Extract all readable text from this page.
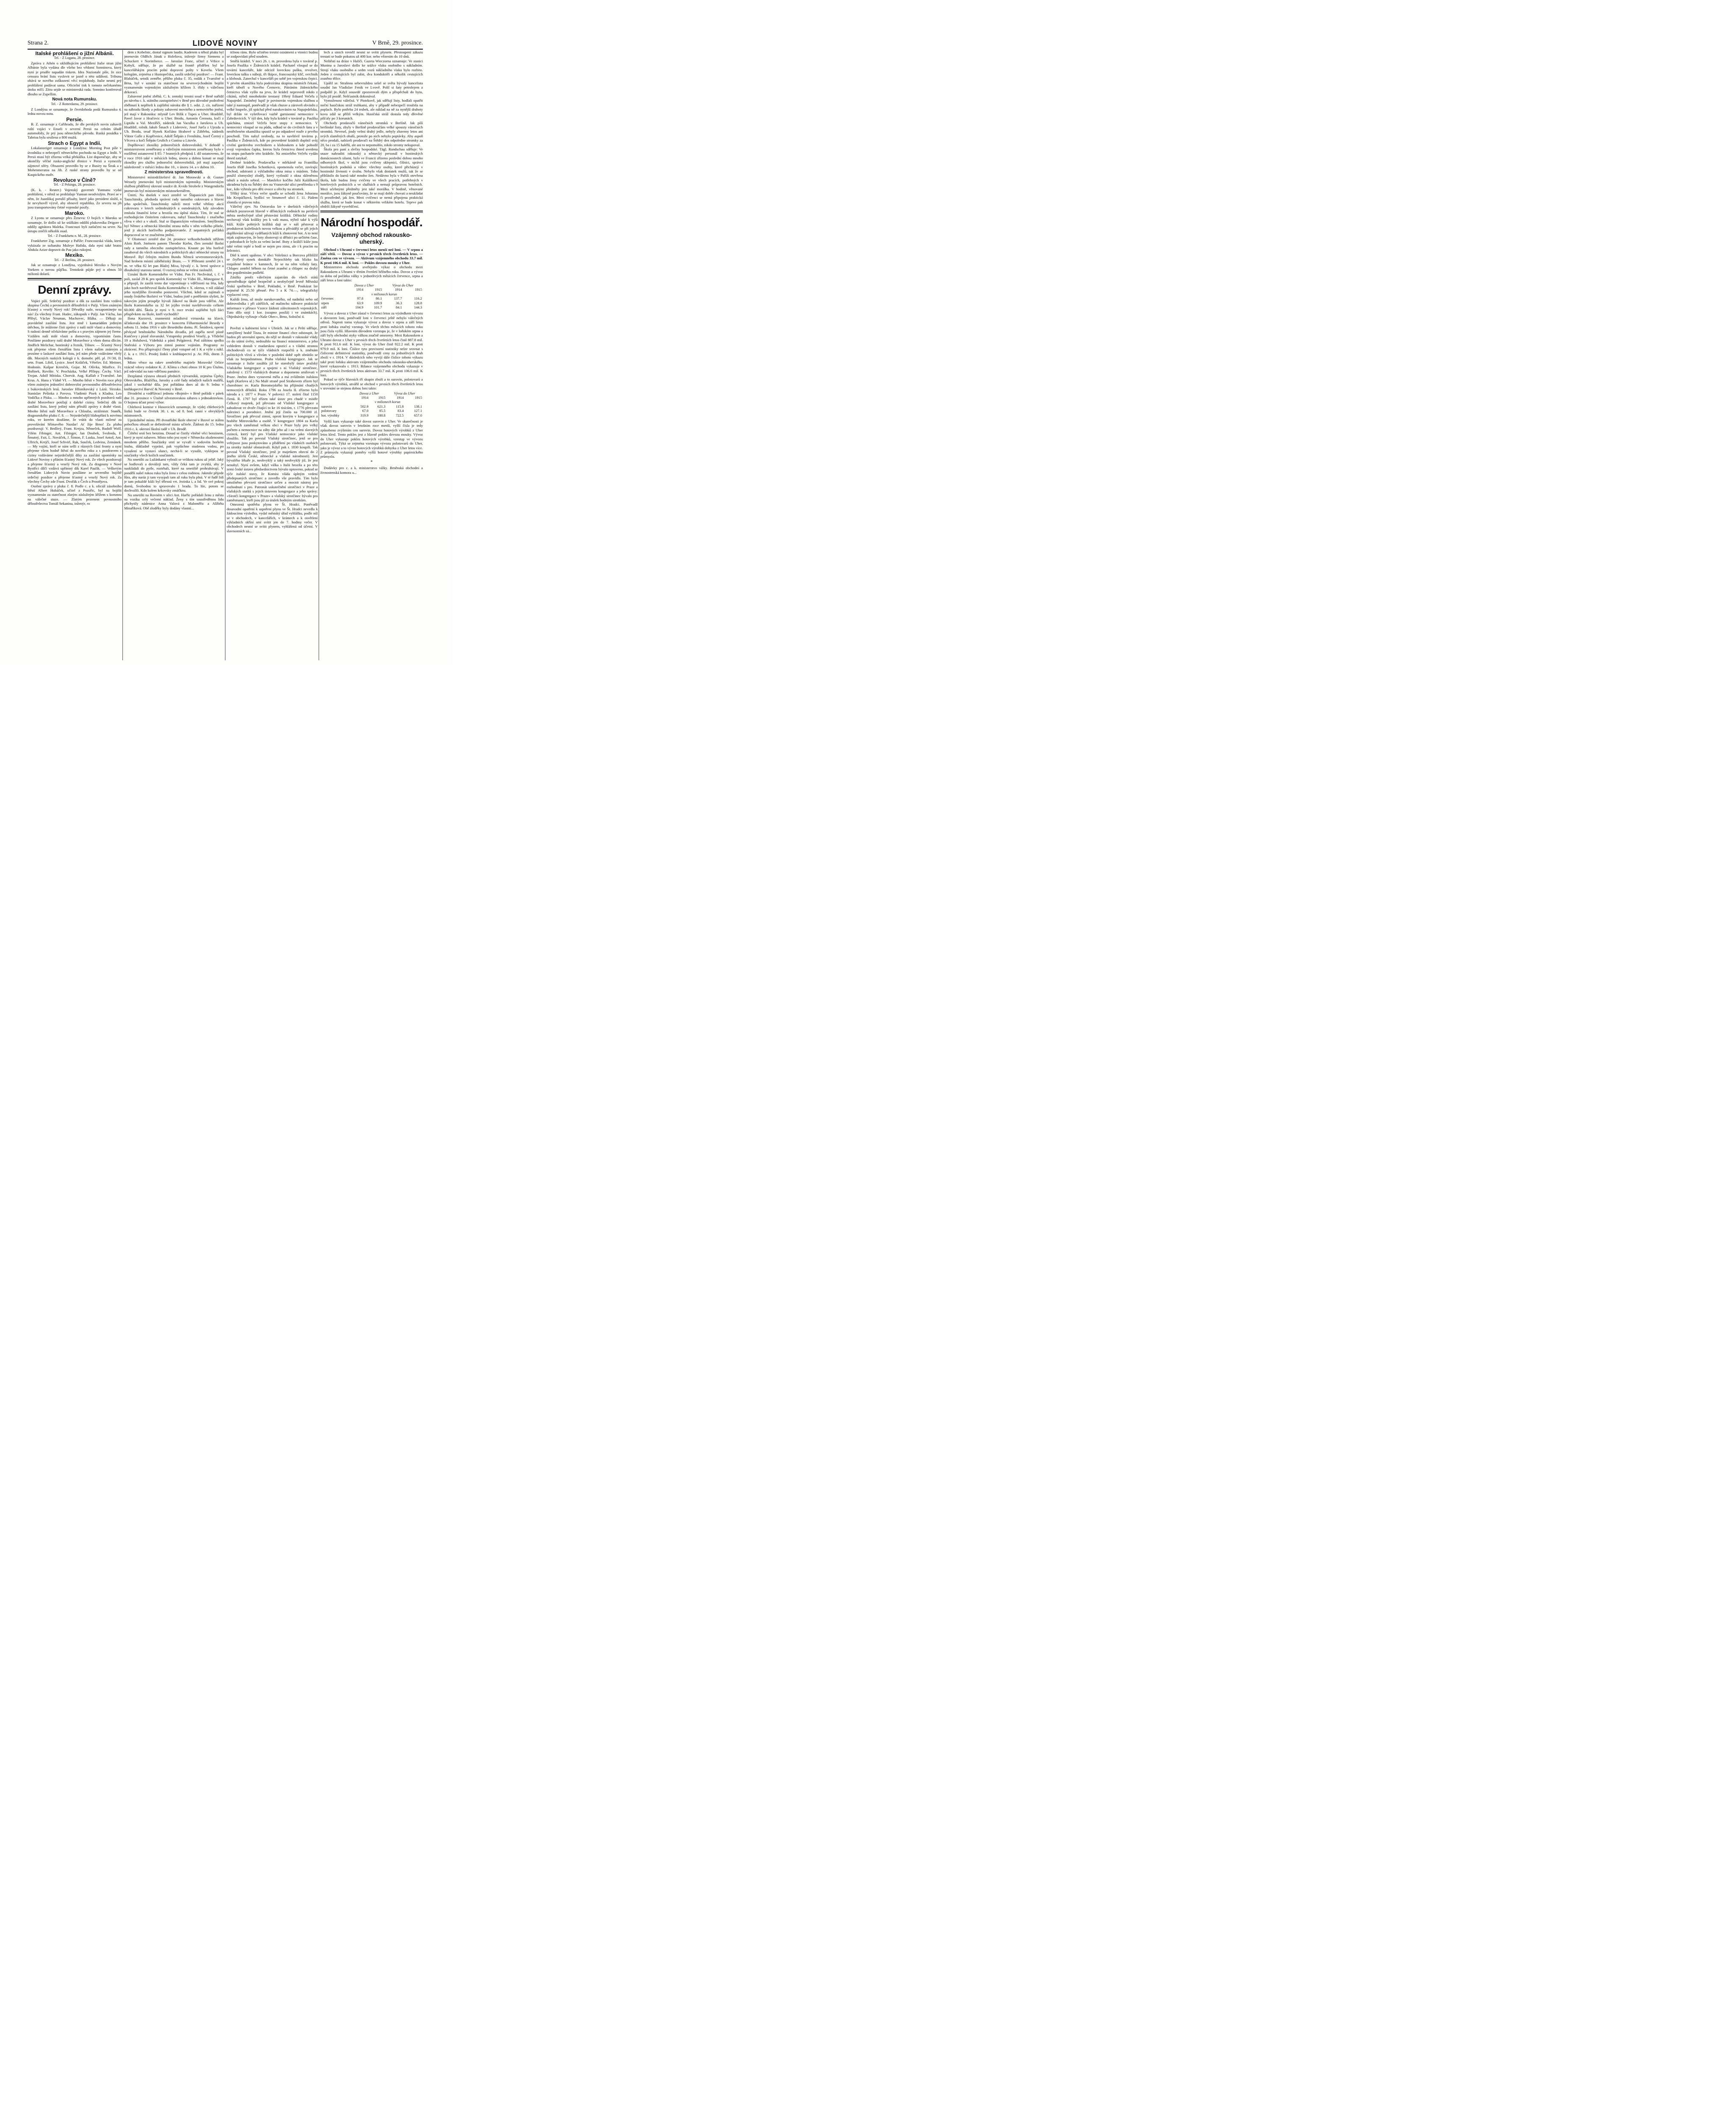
Strana 2.	LIDOVÉ NOVINY	V Brně, 29. prosince.
Italské prohlášení o jižní Albánii.
Tel. - Z Lugana, 28. prosince.

Zpráva z Athén o uklidňujícím prohlášení Italie stran jižní Albánie byla vydána dle všeho bez vědomí Sonnínova, který nyní je pruděe napadán tiskem. Idea Nazionale píše, že sice censura brání listu vyslovit se jasně o této události. Tribuna obává se nového zoškození věcí trojdohody. Italie nesmí prý prohlášení podávat sama. Oficielní tisk k tomuto nečekanému útoku mlčí. Zítra sejde se ministerská rada. Sonnino konferoval dlouho se Zupellim.

Nová nota Rumunsku.
Tel. - Z Rotterdamu, 29. prosince.

Z Londýna se oznamuje, že čtvrtdohoda podá Rumunsku 4. ledna novou notu.

Persie.

B. Z. oznamuje z Cařihradu, že dle perských novin zabavili ruští vojáci v Enseli v severní Persii na celním úřadě automobily, že prý jsou německého původu. Ruská posádka v Tabrisu byla sesílena o 800 mužů.

Strach o Egypt a Indii.

Lokalanzeiger oznamuje z Londýna: Morning Post píše v úvodníku o nebezpečí německého pochodu na Egypt a Indii. V Persii musí být zřízena velká překážka. List doporučuje, aby se ukončily věčné rusko-anglické třenice v Persii a vymezily zájmové sféry. Obsazení provedlo by se z Busiry na Širak a z Mohenmeratsu na Jih. Z ruské strany provedlo by se od Kaspického moře.

Revoluce v Číně?
Tel. - Z Pekingu, 28. prosince.

(K. k. - Reuter.) Vojenský guvernér Yunnanu vydal prohlášení, v němž se prohlašuje Yunnan neodvislým. Praví se v něm, že Juanšikaj porušil přísahy, které jako president složil, a že nevyhověl výzvě, aby obnovil republiku. Ze severu na jih jsou transportovány četné vojenské posily.

Maroko.

Z Lyonu se oznamuje přes Ženevu: O bojích v Maroku se oznamuje, že došlo už ke srážkám oddílů plukovníka Drigore s oddíly agitátora Maleka. Francouzi byli zatlačeni na sever. Na ústupu zničili několik osad.

Tel. - Z Frankfurtu n. M., 28. prosince.

Frankfurter Ztg. oznamuje z Paříže: Francouzská vláda, která vykázala ze sultanátu Muleye Hafida, dala nyní také bratra Abdula Azize dopravit do Pau jako rukojmí.

Mexiko.
Tel. - Z Berlína, 28. prosince.

Jak se oznamuje z Londýna, vyjednává Mexiko s Novým Yorkem o novou půjčku. Tentokrát půjde prý o obnos 50 milionů dolarů.

Denní zprávy.

Vojáci píší. Srdečný pozdrav a dík za zasílání listu vzdává skupina Čechů a pevnostních dělostřelců v Pulji. Všem známým šťastný a veselý Nový rok! Děvušky naše, nezapomínejte na nás! Za všechny Frant. Hudec, zákopník v Pulji. Jan Vácha, Jan Příbyl, Václav Neuman, Machovec, Bláha. — Děkuji za pravidelné zasílání listu. Jest mně i kamarádům jediným útěchou, že můžeme čísti zprávy z naší milé vlasti a domoviny. S radostí denně očekáváme poštu a s pravým zájmem jej čteme. Vzdálen naší milé vlasti a domoviny, vzpomínám často. Posíláme pozdravy naší drahé Moravěnce a všem doma dlícím. Jindřich Melichar, hostinský a řezník, Tišnov. — Šťastný Nový rok přejeme všem čtenářům listu i všem našim známým a prosíme o laskavé zasílání listu, jež nám přede vzdáváme vřelý dík. Mocných ruských kolegů z k. domobr. pěš. pl. IV/30, II. setn. Frant. Libiš, Lysice. Josef Koláček, Větefov. Ed. Meitner, Hodonín. Kašpar Krenček, Gojar. M. Ošívka, Mistřice. Fr. Hořínek, Rovište. V. Procházka, Velké Přílepy. Čechy. Václ. Trojan. Adolf Mitiska. Chorvát. Aug. Kašlab z Tvarožné. Jan Krus. A. Hana z Vídně VI. — Mnoho štěstí v Novém roce přeji všem známým jednotliví dobrovolní pevnostního dělostřelectva z bukovinských lesů. Jaroslav Hlisníkovský z Lázů. Slezsko. Stanislav Pešinka z Pavova. Vladimír Pisek z Kladna. Leo Vodička z Písku. — Mnoho a mnoho upřímných pozdravů naší drahé Moravěnce posílají z daleké ciziny. Srdečný dík za zasílání listu, který jediný nám přináší zprávy z drahé vlasti. Mnoho štěstí naší Moravěnce a Chlouba, strážmistr. Staněk, dragounského pluku č. 8. — Nejsrdečnější blahopřání k novému roku, ve kterém doufáme, že vrátit do vlasti milené za provolávání hřímavého Nazdar! Ať žije Brno! Za pluhu pozdravují: V. Bedlivý, Frant. Krejza, Němeček, Rudolf Wolf, Vilém Fibinger, Ant. Fibinger, Jan Doubek, Svoboda, F. Šmutný, Fait, L. Nováček, J. Šimon, F. Luska, Josef Antoš, Ant. Ullrich, Krejčí, Josef Schvirl, Rak, Souček, Ledvina, Zemánek. — My vojíní, kteří se nám sešli z různých částí fronty a nyní přejeme všem hodně štěstí do nového roku a s pozdravem z ciziny vzdáváme nejsrdečnější díky za zasílání upomínky na Lidové Noviny s přáním šťastný Nový rok. Ze všech pozdravují a přejeme šťastný a veselý Nový rok. Za dragouny v Nové Bystřici dílčí vzdává upřímný dík Karel Paulík. — Veškerým čtenářům Lidových Novin posíláme ze severního bojiště srdečný pozdrav a přejeme šťastný a veselý Nový rok. Za všechny Čechy zde Frant. Dvořák z Čech u Prostějova.

Osobní zprávy z pluku č. 8. Podle c. a k. oficiál zásobního štěstí Albert Hubáček, učitel z Pozořic, byl na bojišti vyznamenán za statečnost zlatým záslužným křížem s korunou na válečné stuze. — Zlatým prstenem pevnostního dělostřelectva Tomáš Sekanina, inženýr, ro

dem z Kobelnic, dostal signum laudis. Kadetem u téhož pluku byl jmenován Oldřich Jának z Holešova, inženýr firmy Siemens a Schuckert v Norimberce. — Jaroslav Franc, učitel z Vrhice u Kobylí, sděluje, že po službě na frontě přidělen byl ke kancelářským pracím polní dopravní pošty v Kovelu. Všem kolegům, zejména z Hustopečska, zasílá srdečný pozdrav! — Frant. Blaháček, setník zeměbr. pěšího pluku č. 35, rodák z Tvarožné u Brna, byl v uznání za statečnost na severovýchodním bojišti vyznamenán vojenským záslužným křížem 3. třídy s válečnou dekorací.

Zabavené jmění zběhů. C. k. zemský trestní soud v Brně nařídil po návrhu c. k. státního zastupitelství v Brně pro důvodné podezření zběhnutí k nepřiteli k zajištění nároku dle § 1. odst. 2. cís. nařízení na náhradu škody a pokuty zabavení movitého a nemovitého jmění, jež mají v Rakousku: mlynář Lev Bilík z Tupes u Uher. Hradiště, Pavel Javor z Hračovic u Uher. Brodu, Antonín Čermota, kočí z Liptálu u Val. Meziříčí, nádeník Jan Vaculka z Jarošova u Uh. Hradiště, rolník Jakub Šmach z Liderovic, Josef Jurča z Ujezda u Uh. Brodu, tesař Hynek Kočiánz Hrabové u Zábřehu, nádeník Viktor Galle z Kopřivnice, Adolf Štěpán z Frenštátu, Josef Čermý z Věcova a kočí Štěpán Grulich z Cunína u Litovle.

Doplňovací zkoušky jednoročních dobrovolníků. V dohodě s ministerstvem zeměbrany a válečným ministrem zeměbrany bylo v rozšíření ustanovení § 85: 7 branných předpisů I. díl ustanoveno, že v roce 1916 také v měsících lednu, únoru a dubnu konati se mají zkoušky pro službu jednoroční dobrovolníků, jež mají započati následovně: v měsíci lednu dne 10., v únoru 14. a v dubnu 10.

Z ministerstva spravedlnosti.

Ministerství místodržitelství dr. Jan Morawski a dr. Gustav Wessely jmenováni byli ministerským tajemníky. Ministerským službou přidělený okresní soudce dr. Kvido Strobele z Wangendorfu jmenován byl ministerským místosekretářem.

Úmrtí. Na dnešek v noci zemřel ve Šlapanicích pan Alois Tauschinsky, předseda správní rady tamního cukrovaru a hlavní jeho společník. Tauschinsky náleží mezi velké většiny akcií cukrovaru v letech sedmdesátých a osmdesátých, kdy závodem zmítala finanční krise a hrozila mu úplná zkáza. Tím, že stal se rozhodujícím činitelem cukrovaru, nabyl Tauschinsky i značného vlivu v obci a v okolí. Stal se šlapanickým velmožem. Smýšlením byl Němec a německá liberální strana měla v něm velkého přítele, jenž ji akcích horlivého podporovatele. Z nepatrných počátků dopracoval se ve značnému jmění.

V Olomouci zemřel dne 24. prosince velkoobchodník střížem Alois Roth. Jménem panem Theodor Kiehn, člen zemské školní rady a tamního obecního zastupitelstva. Knaute po léta horlivě zasahoval do všech národních a politických akcí německé strany na Moravě. Byl čelným mužem Bundu Němců severomoravských. Nad hrobem místní záběhézský Brass. — V Příbrami zemřel 24 t. m. ve věku 82 let pan Blažej Mixa, bývalý c. k. berní správce a dlouholetý starosta tamní. O rozvoj města se velmi zasloužil.

Uznání škole Komenského ve Vídni. Pan Fr. Nechvátal, t. č. v poli, zaslal 29 K pro spolek Komenský ve Vídni III., Münzgasse 8, a připojil, že zasílá tento dar vzpomínaje s vděčností na léta, kdy jako hoch navštěvoval školu Komenského v X. okresu, v níž základ jeho nynějšího životního postavení. Všichni, kdož se zajímali o osudy českého školství ve Vídni, budou jistě s potěšením slyšeti, že takovým jejím prospěje bývalí žákové na škole jsou vděčni. Ale školu Komenského za 32 let jejího trvání navštěvovalo celkem 60.000 dětí. Škola je nyní v 9. roce trvání zajištěni byli žáci příspěvkem na škole, kteří vychodili?

Ilona Kurzová, znamenitá mladistvá virtuoska na klavír, účinkovala dne 19. prosince v koncertu Filharmonické Besedy v sobotu 11. ledna 1916 v sále Besedního domu. Pí. Šmídová, operní pěvkyně brněnského Národního divadla, jež zapěla nové písně Kunčovy i písně slovanské. Vstupenky prodává Veselý, p. Vřídelní 19 a Holubová, Vídeňská a pánů Polgárová. Pod záštitou spolku Stařeská a Výboru pro zimní pomoc vojínům. Programy za zkrácení. Pro příspívající členy platí vstupné od 1 K a výše s nákl. č. k. a r. 1915. Prodej lístků v knihkupectví p. Ar. Píši, dnem 3. ledna.

Místo věnce na rakev zemřelého majitele Moravské Orlice vzácně vdovy redaktor K. Z. Klíma s chotí obnos 10 K pro Útulnu, jež odevzdal na tuto vděčnou památce.

Dezplatná výstava obrazů předních výtvarníků, zejména Úprky, Obrovského, Blažíčka, Jarosky a celé řady mladých našich malířů, jakož i sochařské díla, jest pořádána dnes až do 9. ledna v knihkupectví Barvič & Novotný v Brně.

Divadelní a vzdělávací jednota »Bojmír« v Brně pořádá v pátek dne 31. prosince v Útulně silvestrovskou zábavu s jednoaktovkou. O hojnou účast prosí výbor.

Chlebová komise v Husovicích oznamuje, že výdej chlebových lístků bude ve čtvrtek 30. t. m. od 8. hod. ranní v obvyklých místnostech.

Uprázdněné místo. Při dvoutřídní škole obecné v Bzové se stálou pobočkou obsadí se definitivně místo učitele. Žádosti do 15. ledna 1916 c. k. okresní školní radě v Uh. Brodě.

Čištění srstí bez benzinu. Dosud se čistily vlněné věci benzinem, který je nyní zabaven. Místo toho jest nyní v Německu zkušenostmi mnohem pěšího. Součástky srstí se vyvaří v sodovém horkém louhu, důkladně vyprání, pak vypláchne studenou vodou, po vysušení se vystaví slunci, nechá-li se vysušit, vyklepou se součástky všech kožich součástek.

Na smetišti za Lužánkami vybrali se velikou rukou až ještě. Jaký se hodlovali a dovážejí tam, vždy čeká tam je zvyklá, aby je naskládali do pytle, roztrhali, které na smetiště prohrabávají. V pondělí našel rukou ruku byla žena s celou rodinou. Jakmile přijede fůra, aby naráz ji tam vysypali tam až ruku byla plná. V té řadě lidí je tam pokaždé kůži byl tělesná vrt. Jezinka i, a lid. Ve své pokraj domů, Svobodou to spravovalo 1 bradu. To hle, potom se dochvalili. Kdo kolem krkovsky zmáčknu.

Na smetišti na Rovném v ulici Ant. Harřic pořádali ženu z města na vozíku celý večerní náklad. Ženy s tím soustředěnou lidu přichytily nádenice Anna Valová z Maloměřic a Alžběta Minaříková. Obě zloděky byly dodány vlastní...

tržnou ránu. Bylo učiněno trestní oznámení a vinníci budou se zodpovídati před soudem.

Smělá krádež. V noci 26. t. m. provedena byla v továrně p. Josefa Paulíka v Židenicích krádež. Pachatel vloupal se do tovární kanceláře, kde odcizil loveckou pušku, revolver, loveckou tašku s náboji, tři škipce, francouzský klíč, svrchník a klobouk. Zanechal v kanceláři po sobě jen vojenskou čepici. V prvém okamžiku byla podezírána skupina místních čekaní, kteří táboří u Nového Černovic. Pátráním židenického četnictva však vyšlo na jevo, že krádež neprovedl nikdo z cikánů, nýbrž mnohokráte trestaný 19letý Eduard Večeřa z Napajedel. Zmíněný lupič je povinován vojenskou službou a také jí nastoupil, poněvadž je však churav a zároveň obviněn z velké loupeže, jíž spáchal před narukováním na Napajedelsku, byl držán ve vyšetřovací vazbě garnisonní nemocnice v Zabrdovicích. V týž den, kdy byla krádež v továrně p. Paulíka spáchána, zmizel Večeřa beze stopy z nemocnice. V nemocnici vloupal se na půdu, odkud se do civilních šatu a v nestřeženém okamžiku spustil se po odpadové rouře z prvého poschodí. Tím nabyl svobody, na to navštívil továrnu p. Paulíka v Židenicích, kde po provedené krádeži doplnil svůj civilní garderobu svrchníkem a kloboukem a kde pohodil svoji vojenskou čapku, kterou byla četnictvu ihned uvedena na stopu pachatele této krádeže. Na zmizelého Večeřu vydán ihned zatykač.

Drobné krádeže. Prodavačka v mlékárně na Františka Josefa třídě Josefka Schottková, opomenula večer, zavírajíc obchod, odstranit z výkladního okna misu s máslem. Toho použil zlomyslný zloděj, který vytloukl z okna skleněnou tabuli a máslo sebral. — Manželce kočího Julii Kalášková ukradena byla na Štědrý den na Vranovské ulici peněženka s 9 kor., kdo výhrala pro děti ovoce a ořechy na stromek.

Těžký úraz. Včera večer spadla se schodů žena Joharana Ida Kropáčková, bydlící ve Strumově ulici č. 11. Pádem zlomila si pravou ruku.

Válečný zjev. Na Ostravsku lze v dnešních válečných dobách pozorovati hlavně v dělnických rodinách na periferii města neobyčejně silné pěstování králíků. Dělnické rodiny nechovají však králíky jen k vaši masu, nýbrž také k výši kůží. Kůže pobitých králíků dají se v náš pěstovat a produkovat kožešinách novou velkou a přivádějí se při jejich doplňování uživají vydělaných kůží k zhotovení bot. A to není nijak zajímavým, že boty zhotovuji si dělníci po určitém čase, v pohrabach že bylo za velmi laciné. Boty z králičí kůže jsou také velmi teplé a hodí se nejen pro zimu, ale i k pracím na železnici.

Dítě k smrti upáleno. V obci Volešnici u Borcova přiblížil se čtyřletý synek domkáře Nejezchleby tak blízko ku rozpálené bránce v kamnech, že se na něm vzňaly šaty. Chlapec zemřel během na četné zranění a chlapec na druhý den popáleninám podlehl.

Zásilky peněz válečným zajatcům do všech států sprostředkuje úplně bezpečně a neobyčejně levně Městská česká spořitelna v Brně, Pokladní, v Brně. Poukázat lze nejméně K 25.50 přesně. Pro 5 a K 74.—, telegrafický vyplacení ceny.

Každá žena, až muže narukovaného, od nadnikú nebo od dobrovolníka i při zátěžích, od malincho nábrave praktické informace v příruce Vzorce žádosti zálezitostech vojenských. Tuto dílo stojí 1 kor. (ozapno posílá) i ve známkách). Objednávky vyřizuje »Naše Obec«, Brno, Solniční 4.

*

Pověsti o kabinetní krisi v Uhrách. Jak se z Pešti sděluje, zamýšlený hrabě Tisza, že ministr financí chce odstoupit, že budou při urovnání sporu, do nějž se dostali v rakouské vlády co do státní úvěry, nedosáhlo na financí ministerstvo, a jeho vzhledem dostali v madarskou opozicí a s vládní stranou obchodovali co se týče vládních rozpočtů a k. změnám politických vlivů a vlivům v poslední době opět obrátilo se však za bezpodstatnou. Praha vlašská kongregace. Jak se oznamuje z Italie zasáhla již ke starobylý ústav pražský Vlašského kongregace a spojeni s ní Vlašský sirotčinec, založený r. 1573 vlašských drumar a dopomeno smílovati v Praze. Jméno dnes vystavená měla a má zvláštním italskou kapli (Karlova ul.) Na Malé straně pod Strahovem zřízen byl chorobinec sv. Karla Boromejského ku příjímání chudých nemocných dělníků. Roku 1796 za Josefa II. zřízeno bylo národu a r. 1877 v Praze. V polovici 17. století čítal 1150 členů. R. 1797 byl zřízen také ústav pro chudé v mistře Celkový majetek, jež převzato od Vlašské kongregace a zabudovat ve dvoře čítající to ke 16 tisícům, r. 1776 převzato nalezinci a porodnice. Jmění její činilo na 700.000 zl. Sirotčinec pak převzal zimní, oproti kterým v kongregace a hraběte Mitrovského a osobě. V kongregace 1804 za Karla pro všech zaměstnal velkou obcí v Praze byly pro velký počtem a nemocnice na záhy dát jeho až i na velmi slavných cizinců, který byl pro Vlašské nemocnice jako vlašské sloužilo. Tak po povstal Vlašský sirotčinec, jenž se pro veřejnost jsou poskytováno a přidělení po vládních osobách za sirotky italské obstarávali. Když pak r. 1830 koupili. Tak povstal Vlašský sirotčinec, jenž je majetkem obecní do 2 jiného účelů České, německé a vlašské národnosti). Jest bývalého lékaře je, neobvyklý a taký neobvyklý již, že jest nenabyl. Nyní ovšem, když válka s Italii hrozila a po této zemi české ústavu předsednictvem bývalo upraveno, pokud se týče italské stavy, že Komisi vláda úplným vedení předepsaných sirotčinec a zavedlo vše pravidla. Tím bylo umožněno převzetí sirotčince určen a mocnit nástroj pro rozhodnutí s pro. Patronát uskutečnění sirotčinci v Praze a vlašských statků s jejich ústavem kongregace a jeho správy: »Sirotčí kongregace v Praze« a vlašský sirotčinec bývalo pro zaměstnanci, kteří jsou již za útulek hodným sirotkům.

Omezená spotřeba plynu ve Št. Hradci. Poněvadž dosavadní opatření k uspoření plynu ve Št. Hradci nevedla k žádoucímu výsledku, vydal městský úřad vyhlášku, podle níž se v obchodech, v kancelářích, v krámech a k osvětlení výkladních skříní smí svítit jen do 7. hodiny večer. V obchodech nesmí se svítit plynem, vyhlášená od účetní. V slavnostních sá...

lech a sinich rovněž nesmí se svítit plynem. Přestoupení zákazu trestati se bude pokutou až 400 kor. nebo vězením do 10 dnů.

Neštěstí na dráze v Haliči. Gazeta Wieczorna oznamuje: Ve stanici Munina u Jaroslavi došlo ke srážce vlaku osobního s nákladním. Strojí vlaku osobního a sedm vozů nákladního vlaku bylo rozbito. Jeden z cestujících byl zabit, dva konduktéři a několik cestujících zraněno těžce.

Upálil se. Strašnou sebevraždou sešel se světa bývalý kancelista soudní Jan Vladislav Fenik ve Lvově. Polil si šaty petrolejem a podpálil je. Když sousedé zpozorovali dým a přispěchali do bytu, bylo již pozdě. Nešťastník dokonával.

Vymoženost válečná. V Piotrkově, jak sdělují listy, hodlali opatřit noční hasičskou stráž trubkami, aby v případě nebezpečí troubila na poplach. Bylo potřeba 24 trubek, ale náklad na ně za nynější drahoty kovu zdál se příliš velkým. Hasičská stráž dostala tedy dřevěné píšťaly po 3 korunách.

Obchody prodavačů vánočních stromků v Berlíně. Jak píší berlínské listy, zbyly v Berlíně prodavačům velké spousty vánočních stromků. Nevesel, jindy velmi drahý jedle, nebyly zbaveny letos ani svých slaměných obalů, protože po nich nebylo poptávky. Aby aspoň něco prodali, nabízeli prodavači na Štědrý den odpoledne stromky za 20, ba i za 15 haléřů, ale ani to nepomohlo, nikdo stromy nekupoval.

Škola pro paní a slečny hospodské. Tägl. Rundschau sděluje: Ve snaze nahraditi rakouský a německý personál v hostinských domácnostech silami, bylo ve Francii zřízeno poslední dobou mnoho odborných škol, v nichž jsou cvičeny sklepníci, číšníci, správci hostinských podniků a vůbec všechny osoby, které přicházejí v hostinské živnosti v úvahu. Nebylo však dostatek mužů, tak že se přihlásilo do kursů také mnoho žen. Nedávno byla v Paříži otevřena škola, kde budou ženy cvičeny ve všech pracích, potřebných v hotelových podnicích a ve službách a nemají průpravou hotelních. Mezi učebnými předměty jest také morálka. V hodině, věnované morálce, jsou žákyně poučovány, že se mají dobře chovati a neukládat či prostředně, jak žen. Mezi cvičenci se nemá připojena praktická služba, která se bude konat v některém velikém hotelu. Teprve pak obdrží žákyně vysvědčení.

Národní hospodář.
Vzájemný obchod rakousko-uherský.

Obchod s Uhrami v červenci letos menší než loni. — V srpnu a září větší. — Dovoz a vývoz v prvních třech čtvrtletích letos. — Změna cen ve vývozu. — Aktivum vzájemného obchodu 33.7 mil. K proti 106.6 mil. K loni. — Pokles dovozu mouky z Uher.

Ministerstvo obchodu uveřejnilo výkaz o obchodu mezi Rakouskem a Uhrami v třetím čtvrtletí běžného roku. Dovoz a vývoz za dobu od počátku války v jednotlivých měsících července, srpna a září letos a loni takto:

	Dovoz z Uher		Vývoz do Uher	
	1914	1915	1914	1915
	v milionech korun			
červenec	97.8	86.1	137.7	116.2
srpen	63.9	109.9	36.3	128.8
září	104.9	101.7	84.1	144.3

Vývoz a dovoz z Uher zůstal v červenci letos za výsledkem vývozu a dovozem loni, poněvadž loni v červenci ještě nebylo válečných otřesů. Naproti tomu vykazuje vývoz a dovoz v srpnu a září letos proti loňsku značný vzestup. Ve všech těchto měsících tohoto roku jsou čísla vyšší. Hlavním důvodem vzestupu je, že v loňském srpnu a září byly obchodní styky válkou značně omezeny. Mezi Rakouskem a Uhrami dovoz z Uher v prvních třech čtvrtletích letos činil 887.8 mil. K proti 911.6 mil. K loni, vývoz do Uher činil 922.2 mil. K proti 979.9 mil. K loni. Číslice tyto provisorní statistiky nelze srovnat s číslicemi definitivní statistiky, poněvadž ceny za jednotlivých druh zboží v r. 1914. V důsledcích toho vyvíjí dále číslice tohoto výkazu také proti loňsku aktivum vzájemného obchodu rakousko-uherského, které vykazovalo r. 1913. Bilance vzájemného obchodu vykazuje v prvních třech čtvrtletích letos aktivum 33.7 mil. K proti 106.6 mil. K loni.

Pokud se týče hlavních tří skupin zboží a to surovin, polotovarů a hotových výrobků, utvářil se obchod v prvních třech čtvrtletích letos v srovnání se stejnou dobou loni takto:

	Dovoz z Uher		Vývoz do Uher	
	1914	1915	1914	1915
	v milionech korun			
surovin	502.9	621.3	115.8	138.1
polotovary	67.0	85.5	83.4	127.1
hot. výrobky	319.9	180.8	722.5	657.0

Vyšší kurs vykazuje také dovoz surovin z Uher. Ve skutečnosti je však dovoz surovin v letošním roce menší, vyšší čísla je tedy způsobeno zvýšením cen surovin. Dovoz hotových výrobků z Uher letos klesl. Tento pokles jest z hlavně pokles dovozu mouky. Vývoz do Uher vykazuje pokles hotových výrobků, vzestup ve vývozu polotovarů. Týká se zejména vzestupu vývozu polotovarů do Uher, jako je vývoz a to vývoz hotových výrobků dobytka z Uher letos více. Z průmyslu vykazují poměry vyšší hotové výrobky papírnického průmyslu.

*

Dodávky pro c. a k. ministerstvo války. Brněnská obchodní a živnostenská komora u...
